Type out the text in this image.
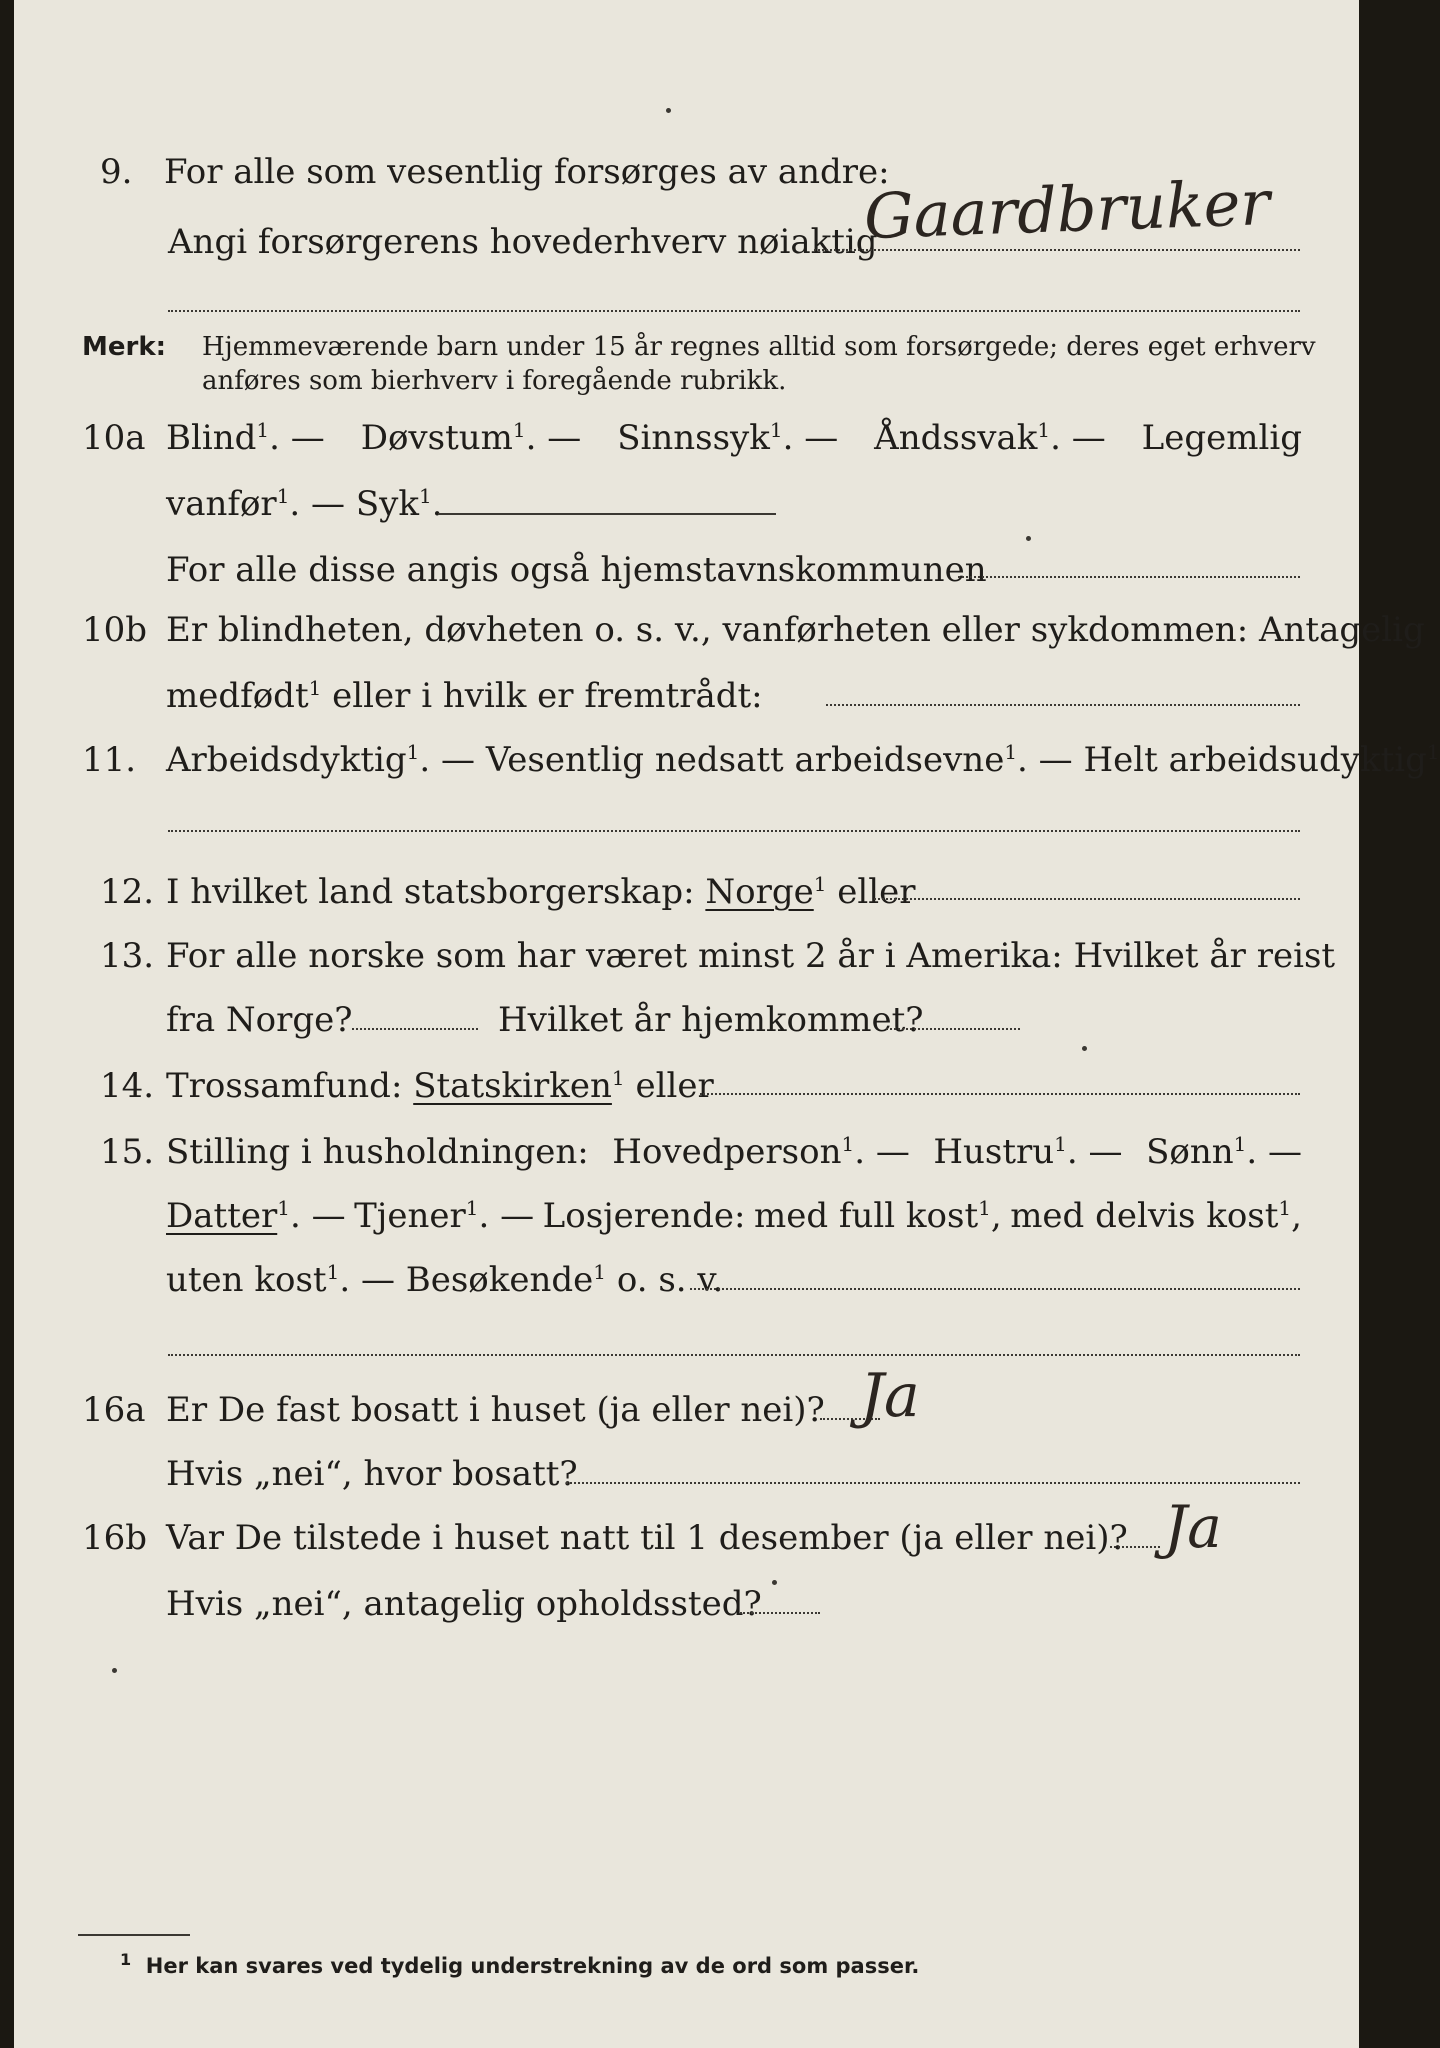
9. For alle som vesentlig forsørges av andre:
Angi forsørgerens hovederhverv nøiaktig
Gaardbruker
Merk: Hjemmeværende barn under 15 år regnes alltid som forsørgede; deres eget erhverv
anføres som bierhverv i foregående rubrikk.
10a Blind$^1$. — Døvstum$^1$. — Sinnssyk$^1$. — Åndssvak$^1$. — Legemlig
vanfør$^1$. — Syk$^1$.
For alle disse angis også hjemstavnskommunen
10b Er blindheten, døvheten o. s. v., vanførheten eller sykdommen: Antagelig
medfødt$^1$ eller i hvilk er fremtrådt:
11. Arbeidsdyktig$^1$. — Vesentlig nedsatt arbeidsevne$^1$. — Helt arbeidsudyktig$^1$
12. I hvilket land statsborgerskap: Norge$^1$ eller
13. For alle norske som har været minst 2 år i Amerika: Hvilket år reist
fra Norge?	Hvilket år hjemkommet?
14. Trossamfund: Statskirken$^1$ eller
15. Stilling i husholdningen: Hovedperson$^1$. — Hustru$^1$. — Sønn$^1$. —
Datter$^1$. — Tjener$^1$. — Losjerende: med full kost$^1$, med delvis kost$^1$,
uten kost$^1$. — Besøkende$^1$ o. s. v.
16a Er De fast bosatt i huset (ja eller nei)? Ja
Hvis „nei“, hvor bosatt?
16b Var De tilstede i huset natt til 1 desember (ja eller nei)? Ja
Hvis „nei“, antagelig opholdssted?
$^1$ Her kan svares ved tydelig understrekning av de ord som passer.
